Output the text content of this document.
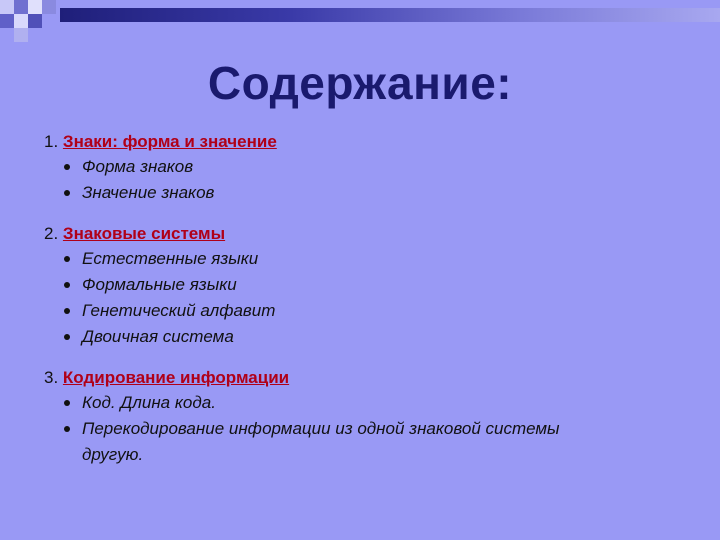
Содержание:
1. Знаки: форма и значение
Форма знаков
Значение знаков
2. Знаковые системы
Естественные языки
Формальные языки
Генетический алфавит
Двоичная система
3. Кодирование информации
Код. Длина кода.
Перекодирование информации из одной знаковой системы
другую.
